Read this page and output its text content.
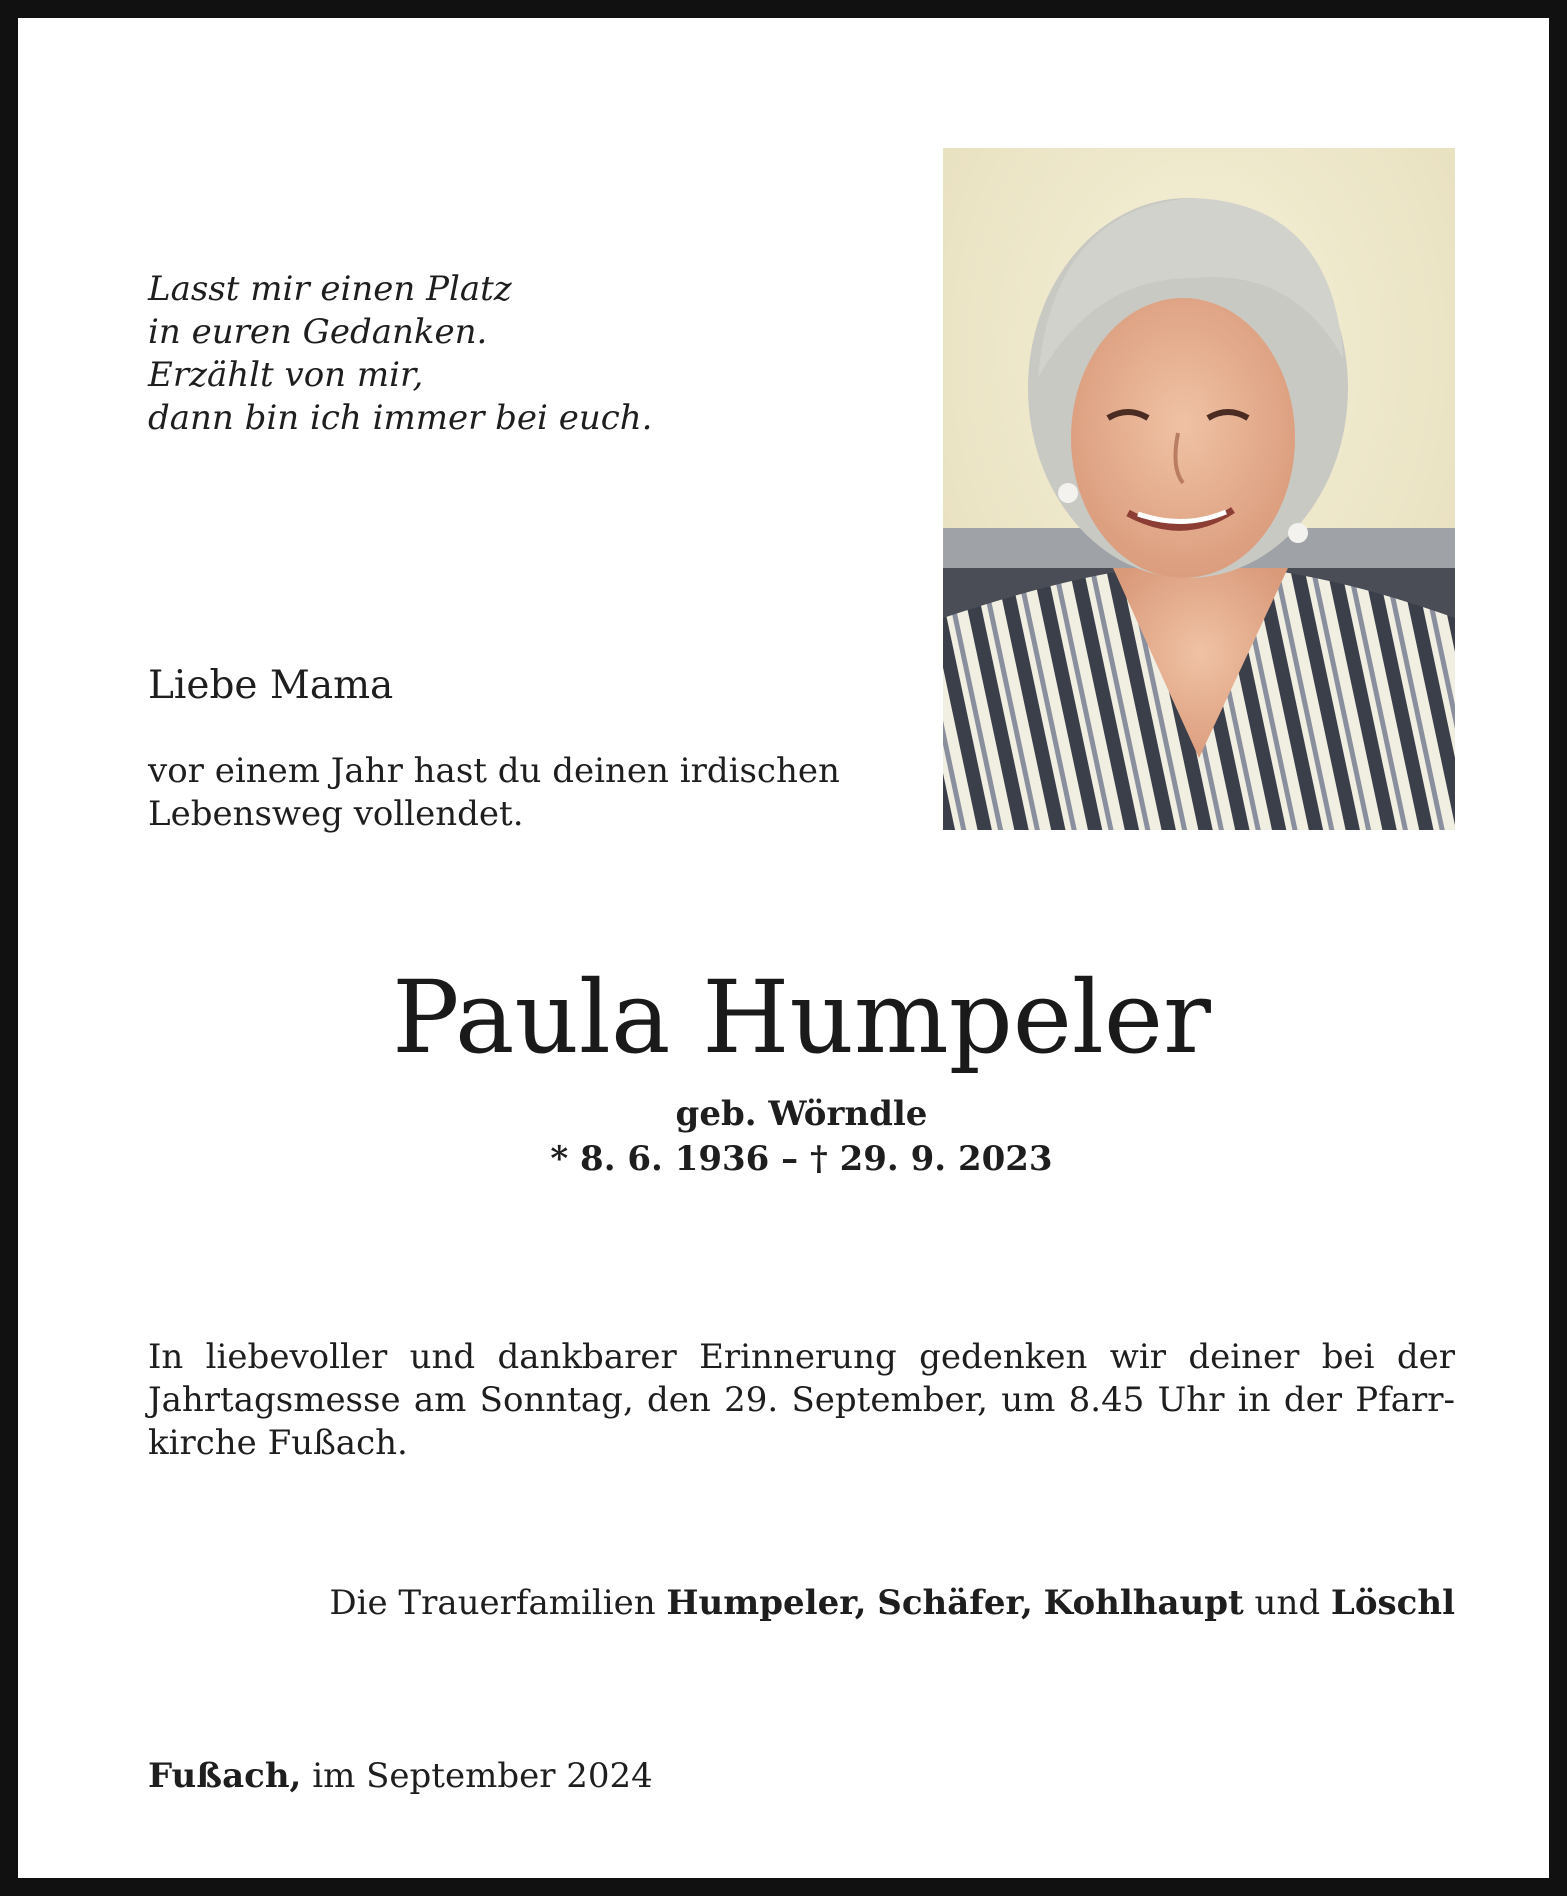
Lasst mir einen Platz
in euren Gedanken.
Erzählt von mir,
dann bin ich immer bei euch.
Liebe Mama
vor einem Jahr hast du deinen irdischen
Lebensweg vollendet.
Paula Humpeler
geb. Wörndle
* 8. 6. 1936 – † 29. 9. 2023
In liebevoller und dankbarer Erinnerung gedenken wir deiner bei der
Jahrtagsmesse am Sonntag, den 29. September, um 8.45 Uhr in der Pfarr-
kirche Fußach.
Die Trauerfamilien Humpeler, Schäfer, Kohlhaupt und Löschl
Fußach, im September 2024
